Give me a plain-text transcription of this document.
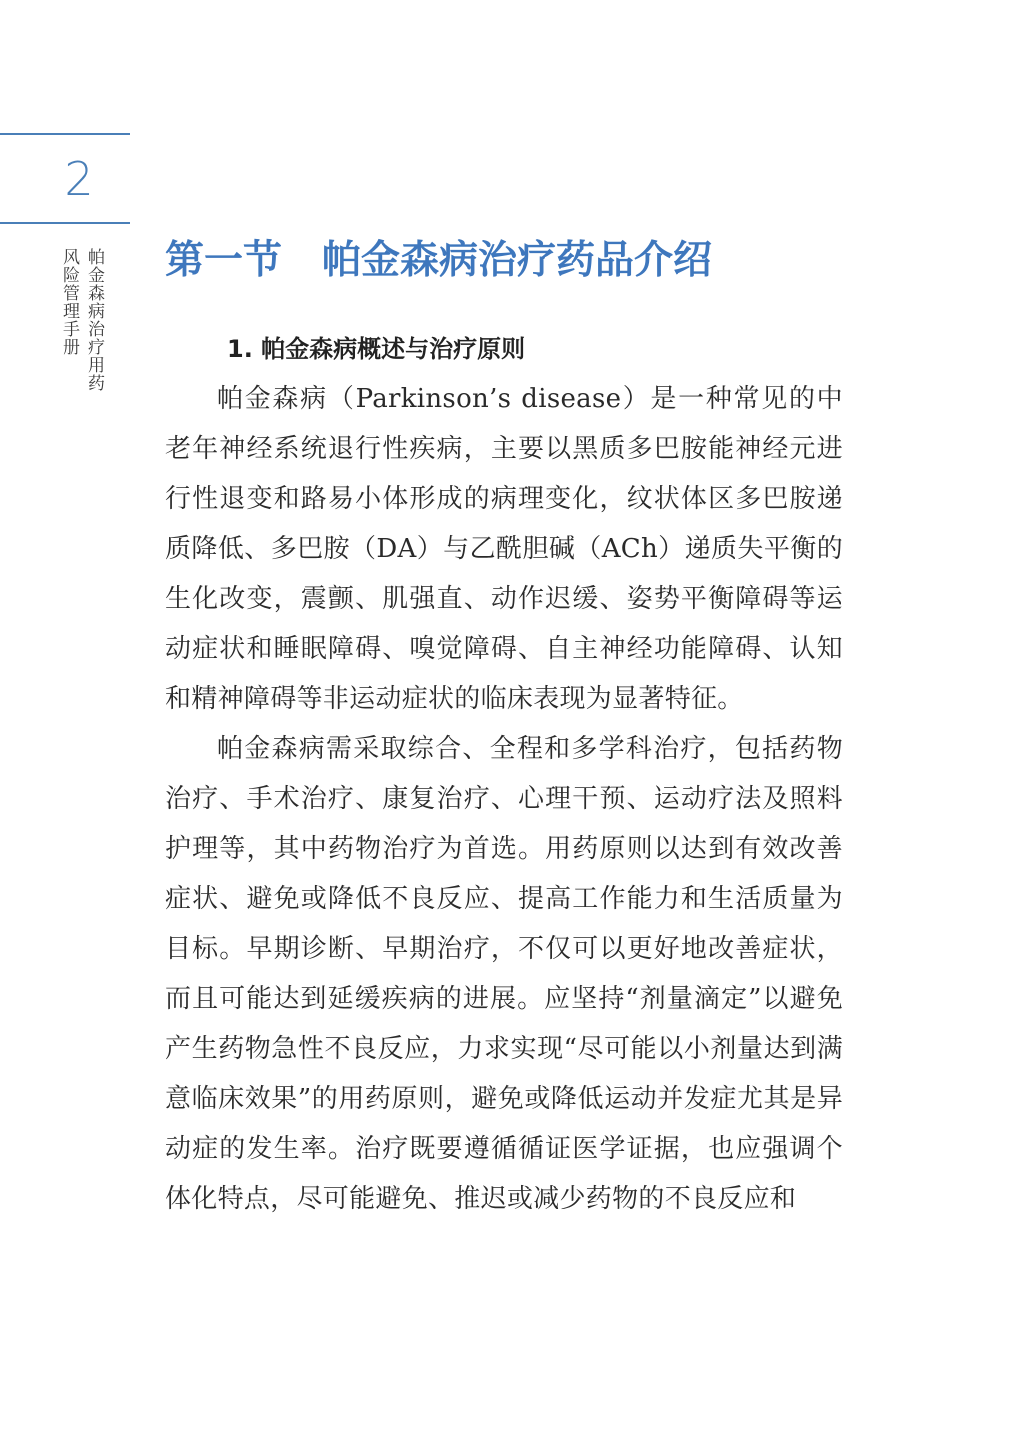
2
帕金森病治疗用药
风险管理手册 第一节 帕金森病治疗药品介绍
1. 帕金森病概述与治疗原则

帕金森病（Parkinson’s disease）是一种常见的中老年神经系统退行性疾病，主要以黑质多巴胺能神经元进行性退变和路易小体形成的病理变化，纹状体区多巴胺递质降低、多巴胺（DA）与乙酰胆碱（ACh）递质失平衡的生化改变，震颤、肌强直、动作迟缓、姿势平衡障碍等运动症状和睡眠障碍、嗅觉障碍、自主神经功能障碍、认知和精神障碍等非运动症状的临床表现为显著特征。

帕金森病需采取综合、全程和多学科治疗，包括药物治疗、手术治疗、康复治疗、心理干预、运动疗法及照料护理等，其中药物治疗为首选。用药原则以达到有效改善症状、避免或降低不良反应、提高工作能力和生活质量为目标。早期诊断、早期治疗，不仅可以更好地改善症状，而且可能达到延缓疾病的进展。应坚持“剂量滴定”以避免产生药物急性不良反应，力求实现“尽可能以小剂量达到满意临床效果”的用药原则，避免或降低运动并发症尤其是异动症的发生率。治疗既要遵循循证医学证据，也应强调个体化特点，尽可能避免、推迟或减少药物的不良反应和
